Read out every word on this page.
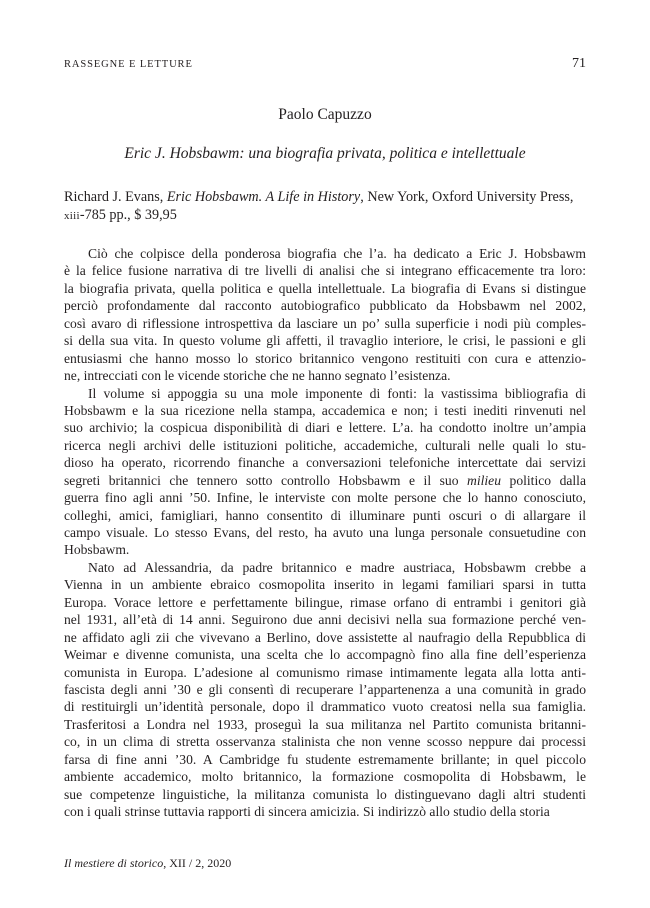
RASSEGNE E LETTURE	71
Paolo Capuzzo
Eric J. Hobsbawm: una biografia privata, politica e intellettuale
Richard J. Evans, Eric Hobsbawm. A Life in History, New York, Oxford University Press,
xiii-785 pp., $ 39,95
Ciò che colpisce della ponderosa biografia che l’a. ha dedicato a Eric J. Hobsbawm
è la felice fusione narrativa di tre livelli di analisi che si integrano efficacemente tra loro:
la biografia privata, quella politica e quella intellettuale. La biografia di Evans si distingue
perciò profondamente dal racconto autobiografico pubblicato da Hobsbawm nel 2002,
così avaro di riflessione introspettiva da lasciare un po’ sulla superficie i nodi più comples-
si della sua vita. In questo volume gli affetti, il travaglio interiore, le crisi, le passioni e gli
entusiasmi che hanno mosso lo storico britannico vengono restituiti con cura e attenzio-
ne, intrecciati con le vicende storiche che ne hanno segnato l’esistenza.
Il volume si appoggia su una mole imponente di fonti: la vastissima bibliografia di
Hobsbawm e la sua ricezione nella stampa, accademica e non; i testi inediti rinvenuti nel
suo archivio; la cospicua disponibilità di diari e lettere. L’a. ha condotto inoltre un’ampia
ricerca negli archivi delle istituzioni politiche, accademiche, culturali nelle quali lo stu-
dioso ha operato, ricorrendo finanche a conversazioni telefoniche intercettate dai servizi
segreti britannici che tennero sotto controllo Hobsbawm e il suo milieu politico dalla
guerra fino agli anni ’50. Infine, le interviste con molte persone che lo hanno conosciuto,
colleghi, amici, famigliari, hanno consentito di illuminare punti oscuri o di allargare il
campo visuale. Lo stesso Evans, del resto, ha avuto una lunga personale consuetudine con
Hobsbawm.
Nato ad Alessandria, da padre britannico e madre austriaca, Hobsbawm crebbe a
Vienna in un ambiente ebraico cosmopolita inserito in legami familiari sparsi in tutta
Europa. Vorace lettore e perfettamente bilingue, rimase orfano di entrambi i genitori già
nel 1931, all’età di 14 anni. Seguirono due anni decisivi nella sua formazione perché ven-
ne affidato agli zii che vivevano a Berlino, dove assistette al naufragio della Repubblica di
Weimar e divenne comunista, una scelta che lo accompagnò fino alla fine dell’esperienza
comunista in Europa. L’adesione al comunismo rimase intimamente legata alla lotta anti-
fascista degli anni ’30 e gli consentì di recuperare l’appartenenza a una comunità in grado
di restituirgli un’identità personale, dopo il drammatico vuoto creatosi nella sua famiglia.
Trasferitosi a Londra nel 1933, proseguì la sua militanza nel Partito comunista britanni-
co, in un clima di stretta osservanza stalinista che non venne scosso neppure dai processi
farsa di fine anni ’30. A Cambridge fu studente estremamente brillante; in quel piccolo
ambiente accademico, molto britannico, la formazione cosmopolita di Hobsbawm, le
sue competenze linguistiche, la militanza comunista lo distinguevano dagli altri studenti
con i quali strinse tuttavia rapporti di sincera amicizia. Si indirizzò allo studio della storia
Il mestiere di storico, XII / 2, 2020
